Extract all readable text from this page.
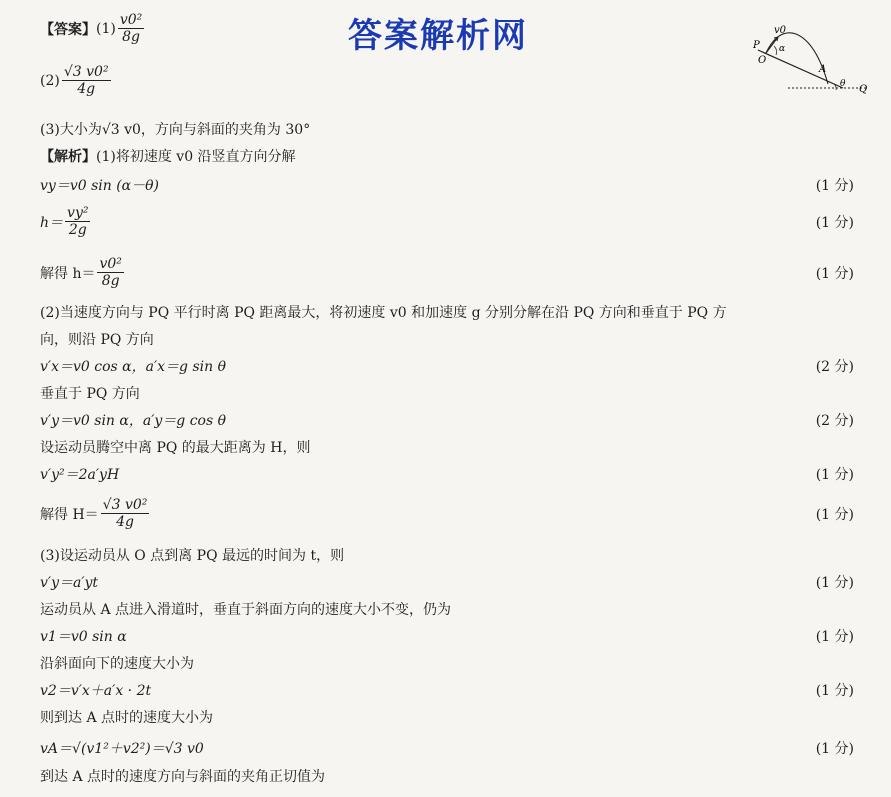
答案解析网	v0
P
O
α
A
θ Q
【答案】 $(1) \frac{\text{v0²}}{8g}$
$(2) \frac{\text{√3 v0²}}{4g}$
(3)大小为√3 v0，方向与斜面的夹角为 30°
【解析】 (1)将初速度 v0 沿竖直方向分解
vy＝v0 sin (α－θ)	(1 分)
$h= \frac{\text{vy²}}{2g}$	(1 分)
解得 $h= \frac{\text{v0²}}{8g}$	(1 分)
(2)当速度方向与 PQ 平行时离 PQ 距离最大，将初速度 v0 和加速度 g 分别分解在沿 PQ 方向和垂直于 PQ 方
向，则沿 PQ 方向
v′x＝v0 cos α，a′x＝g sin θ	(2 分)
垂直于 PQ 方向
v′y＝v0 sin α，a′y＝g cos θ	(2 分)
设运动员腾空中离 PQ 的最大距离为 H，则
v′y²＝2a′yH	(1 分)
解得 $H= \frac{\text{√3 v0²}}{4g}$	(1 分)
(3)设运动员从 O 点到离 PQ 最远的时间为 t，则
v′y＝a′yt	(1 分)
运动员从 A 点进入滑道时，垂直于斜面方向的速度大小不变，仍为
v1＝v0 sin α	(1 分)
沿斜面向下的速度大小为
v2＝v′x＋a′x · 2t	(1 分)
则到达 A 点时的速度大小为
vA＝√(v1²＋v2²)＝√3 v0	(1 分)
到达 A 点时的速度方向与斜面的夹角正切值为
